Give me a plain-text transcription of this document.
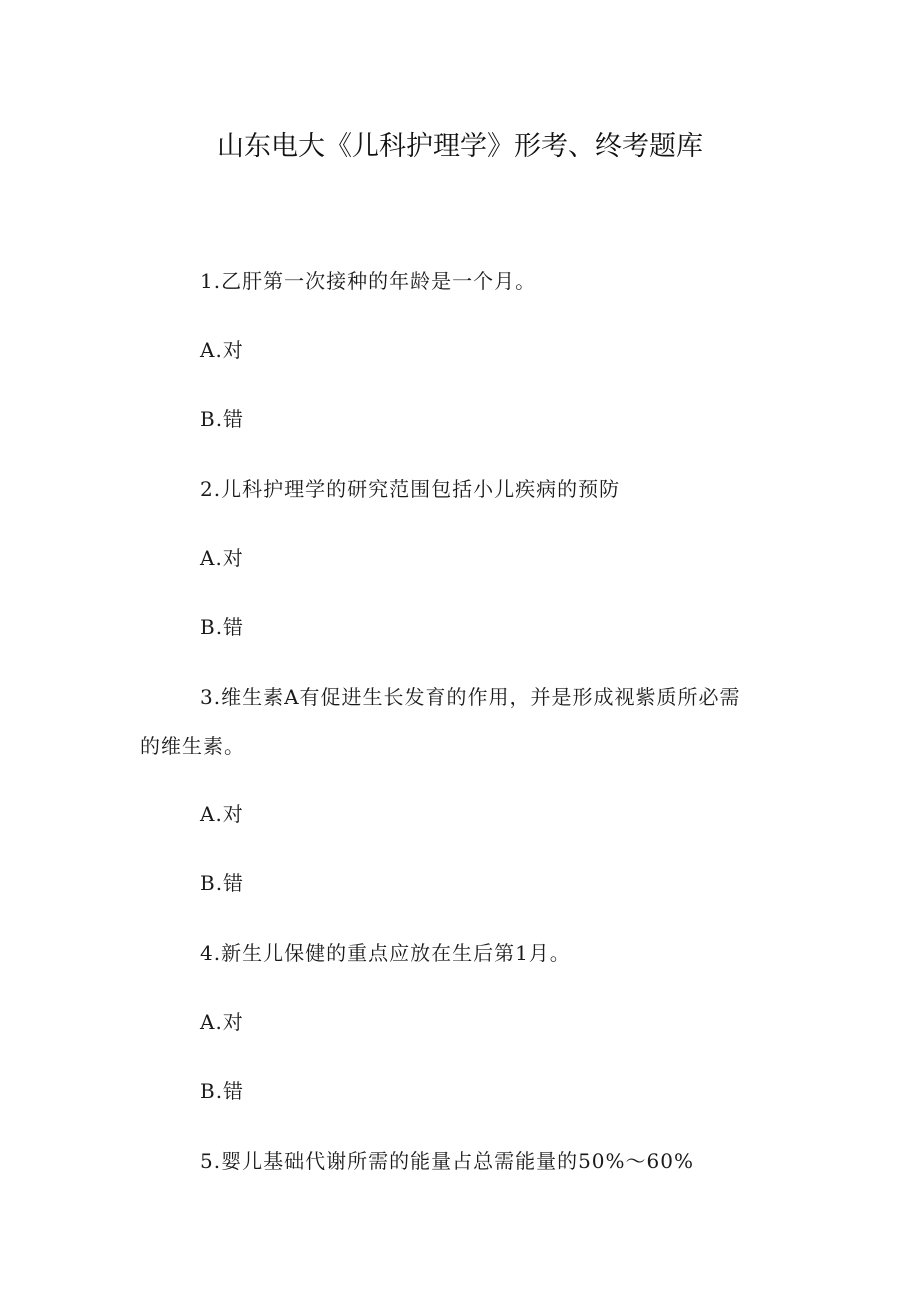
山东电大《儿科护理学》形考、终考题库
1.乙肝第一次接种的年龄是一个月。
A.对
B.错
2.儿科护理学的研究范围包括小儿疾病的预防
A.对
B.错
3.维生素A有促进生长发育的作用，并是形成视紫质所必需
的维生素。
A.对
B.错
4.新生儿保健的重点应放在生后第1月。
A.对
B.错
5.婴儿基础代谢所需的能量占总需能量的50%～60%
